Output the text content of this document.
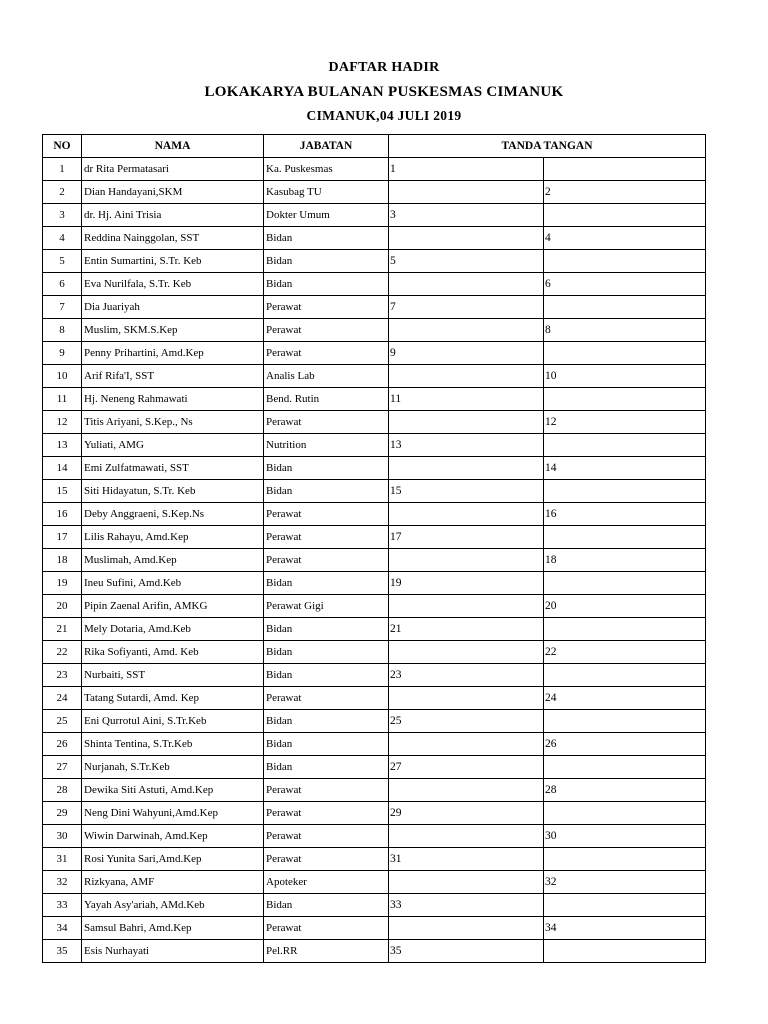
DAFTAR HADIR
LOKAKARYA BULANAN PUSKESMAS CIMANUK
CIMANUK,04 JULI 2019
NO	NAMA	JABATAN	TANDA TANGAN	
1	dr Rita Permatasari	Ka. Puskesmas	1	
2	Dian Handayani,SKM	Kasubag TU		2
3	dr. Hj. Aini Trisia	Dokter Umum	3	
4	Reddina Nainggolan, SST	Bidan		4
5	Entin Sumartini, S.Tr. Keb	Bidan	5	
6	Eva Nurilfala, S.Tr. Keb	Bidan		6
7	Dia Juariyah	Perawat	7	
8	Muslim, SKM.S.Kep	Perawat		8
9	Penny Prihartini, Amd.Kep	Perawat	9	
10	Arif Rifa'I, SST	Analis Lab		10
11	Hj. Neneng Rahmawati	Bend. Rutin	11	
12	Titis Ariyani, S.Kep., Ns	Perawat		12
13	Yuliati, AMG	Nutrition	13	
14	Emi Zulfatmawati, SST	Bidan		14
15	Siti Hidayatun, S.Tr. Keb	Bidan	15	
16	Deby Anggraeni, S.Kep.Ns	Perawat		16
17	Lilis Rahayu, Amd.Kep	Perawat	17	
18	Muslimah, Amd.Kep	Perawat		18
19	Ineu Sufini, Amd.Keb	Bidan	19	
20	Pipin Zaenal Arifin, AMKG	Perawat Gigi		20
21	Mely Dotaria, Amd.Keb	Bidan	21	
22	Rika Sofiyanti, Amd. Keb	Bidan		22
23	Nurbaiti, SST	Bidan	23	
24	Tatang Sutardi, Amd. Kep	Perawat		24
25	Eni Qurrotul Aini, S.Tr.Keb	Bidan	25	
26	Shinta Tentina, S.Tr.Keb	Bidan		26
27	Nurjanah, S.Tr.Keb	Bidan	27	
28	Dewika Siti Astuti, Amd.Kep	Perawat		28
29	Neng Dini Wahyuni,Amd.Kep	Perawat	29	
30	Wiwin Darwinah, Amd.Kep	Perawat		30
31	Rosi Yunita Sari,Amd.Kep	Perawat	31	
32	Rizkyana, AMF	Apoteker		32
33	Yayah Asy'ariah, AMd.Keb	Bidan	33	
34	Samsul Bahri, Amd.Kep	Perawat		34
35	Esis Nurhayati	Pel.RR	35	
